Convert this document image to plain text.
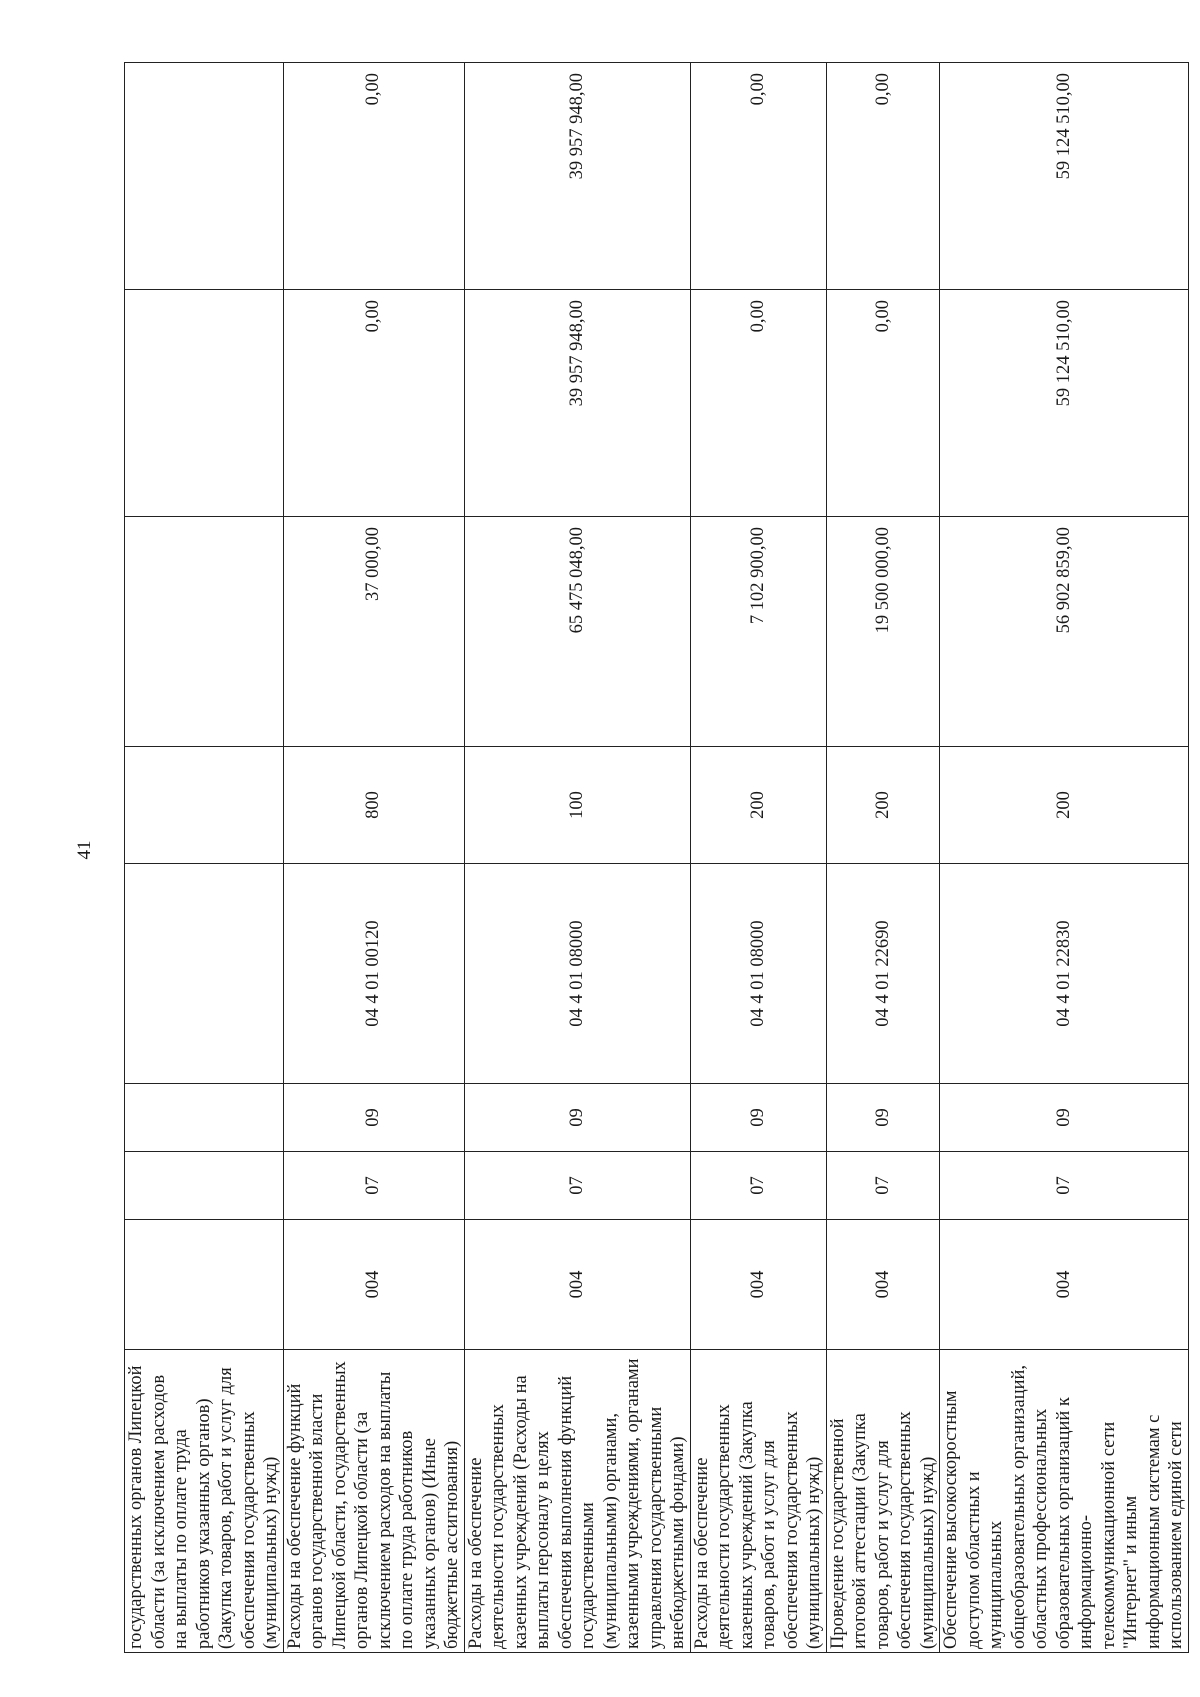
41
государственных органов Липецкой области (за исключением расходов на выплаты по оплате труда работников указанных органов) (Закупка товаров, работ и услуг для обеспечения государственных (муниципальных) нужд)								
Расходы на обеспечение функций органов государственной власти Липецкой области, государственных органов Липецкой области (за исключением расходов на выплаты по оплате труда работников указанных органов) (Иные бюджетные ассигнования)	004	07	09	04 4 01 00120	800	37 000,00	0,00	0,00
Расходы на обеспечение деятельности государственных казенных учреждений (Расходы на выплаты персоналу в целях обеспечения выполнения функций государственными (муниципальными) органами, казенными учреждениями, органами управления государственными внебюджетными фондами)	004	07	09	04 4 01 08000	100	65 475 048,00	39 957 948,00	39 957 948,00
Расходы на обеспечение деятельности государственных казенных учреждений (Закупка товаров, работ и услуг для обеспечения государственных (муниципальных) нужд)	004	07	09	04 4 01 08000	200	7 102 900,00	0,00	0,00
Проведение государственной итоговой аттестации (Закупка товаров, работ и услуг для обеспечения государственных (муниципальных) нужд)	004	07	09	04 4 01 22690	200	19 500 000,00	0,00	0,00
Обеспечение высокоскоростным доступом областных и муниципальных общеобразовательных организаций, областных профессиональных образовательных организаций к информационно-телекоммуникационной сети "Интернет" и иным информационным системам с использованием единой сети	004	07	09	04 4 01 22830	200	56 902 859,00	59 124 510,00	59 124 510,00
